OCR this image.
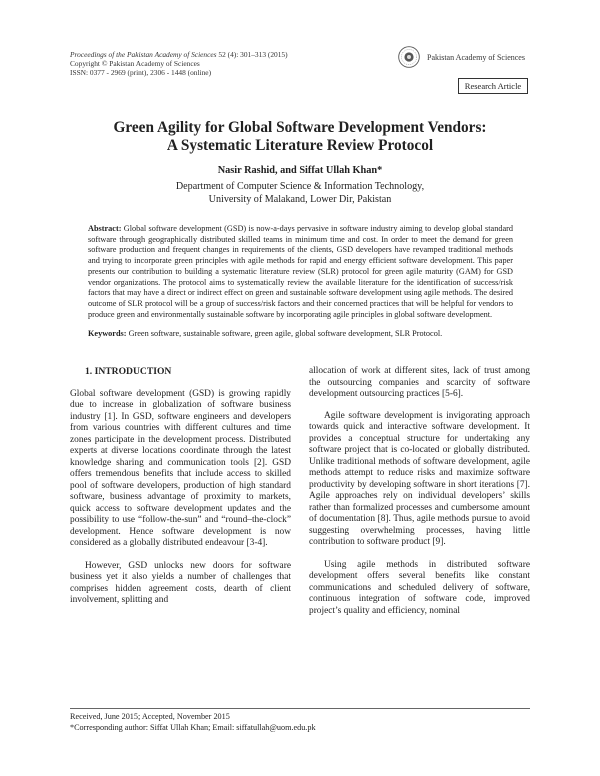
Proceedings of the Pakistan Academy of Sciences 52 (4): 301–313 (2015)
Copyright © Pakistan Academy of Sciences
ISSN: 0377 - 2969 (print), 2306 - 1448 (online)
Pakistan Academy of Sciences
Research Article
Green Agility for Global Software Development Vendors:
A Systematic Literature Review Protocol
Nasir Rashid, and Siffat Ullah Khan*
Department of Computer Science & Information Technology,
University of Malakand, Lower Dir, Pakistan
Abstract: Global software development (GSD) is now-a-days pervasive in software industry aiming to develop global standard software through geographically distributed skilled teams in minimum time and cost. In order to meet the demand for green software production and frequent changes in requirements of the clients, GSD developers have revamped traditional methods and trying to incorporate green principles with agile methods for rapid and energy efficient software development. This paper presents our contribution to building a systematic literature review (SLR) protocol for green agile maturity (GAM) for GSD vendor organizations. The protocol aims to systematically review the available literature for the identification of success/risk factors that may have a direct or indirect effect on green and sustainable software development using agile methods. The desired outcome of SLR protocol will be a group of success/risk factors and their concerned practices that will be helpful for vendors to produce green and environmentally sustainable software by incorporating agile principles in global software development.
Keywords: Green software, sustainable software, green agile, global software development, SLR Protocol.

1. INTRODUCTION

Global software development (GSD) is growing rapidly due to increase in globalization of software business industry [1]. In GSD, software engineers and developers from various countries with different cultures and time zones participate in the development process. Distributed experts at diverse locations coordinate through the latest knowledge sharing and communication tools [2]. GSD offers tremendous benefits that include access to skilled pool of software developers, production of high standard software, business advantage of proximity to markets, quick access to software development updates and the possibility to use “follow-the-sun” and “round–the-clock” development. Hence software development is now considered as a globally distributed endeavour [3-4].

However, GSD unlocks new doors for software business yet it also yields a number of challenges that comprises hidden agreement costs, dearth of client involvement, splitting and

allocation of work at different sites, lack of trust among the outsourcing companies and scarcity of software development outsourcing practices [5-6].

Agile software development is invigorating approach towards quick and interactive software development. It provides a conceptual structure for undertaking any software project that is co-located or globally distributed. Unlike traditional methods of software development, agile methods attempt to reduce risks and maximize software productivity by developing software in short iterations [7]. Agile approaches rely on individual developers’ skills rather than formalized processes and cumbersome amount of documentation [8]. Thus, agile methods pursue to avoid suggesting overwhelming processes, having little contribution to software product [9].

Using agile methods in distributed software development offers several benefits like constant communications and scheduled delivery of software, continuous integration of software code, improved project’s quality and efficiency, nominal

Received, June 2015; Accepted, November 2015
*Corresponding author: Siffat Ullah Khan; Email: siffatullah@uom.edu.pk
